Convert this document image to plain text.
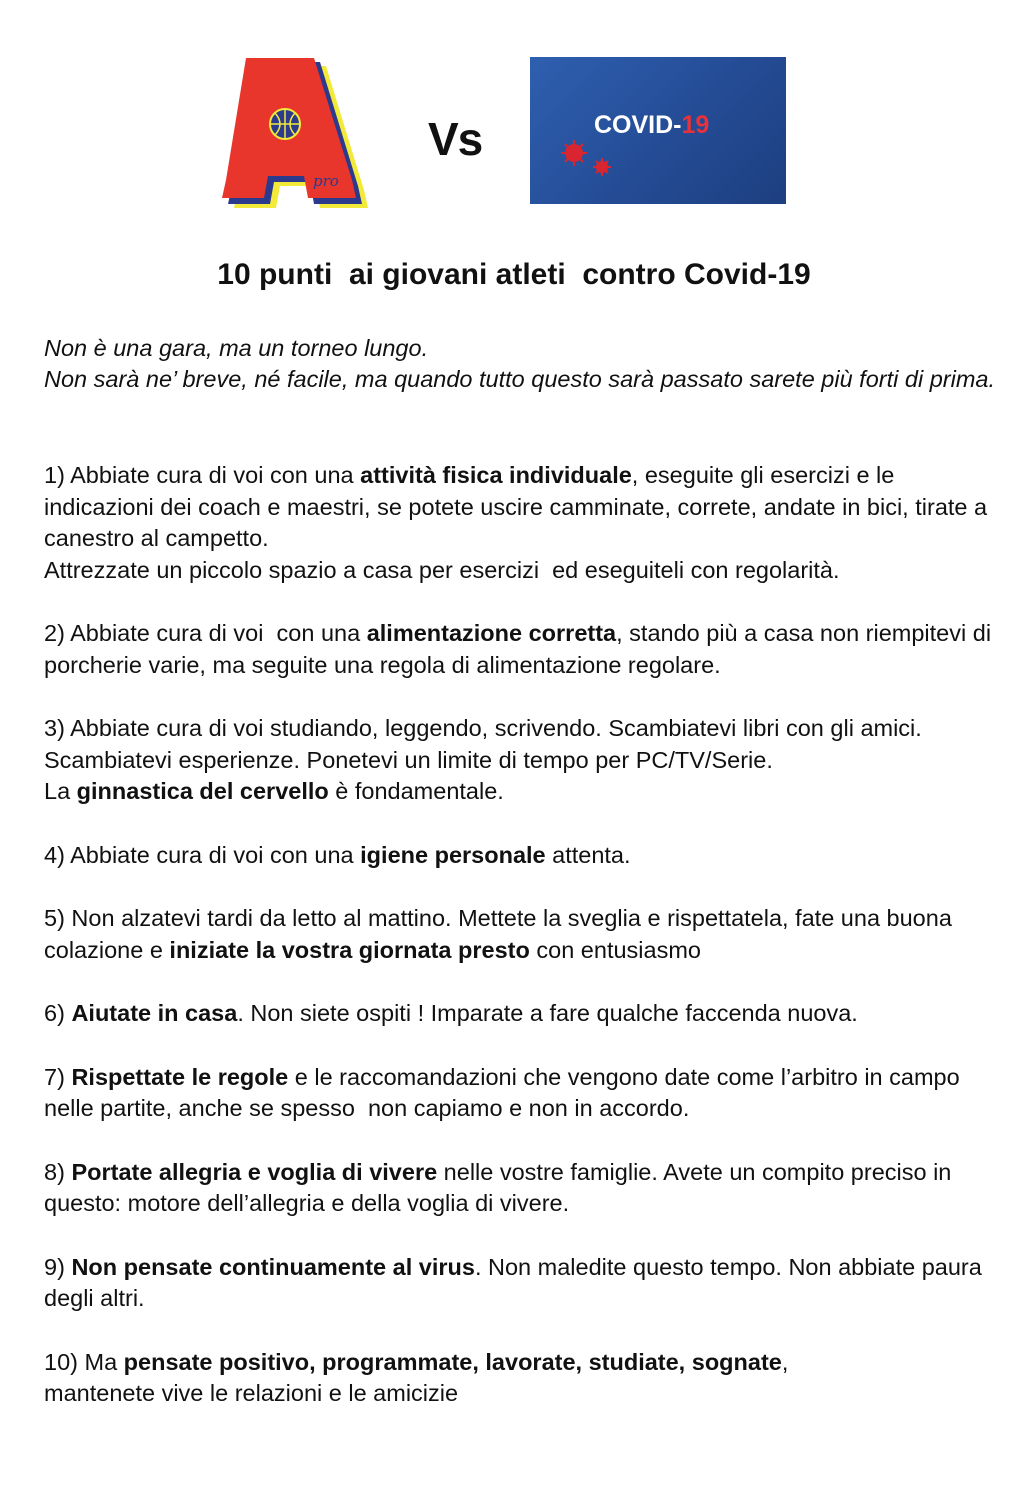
pro
Vs	COVID-19
10 punti  ai giovani atleti  contro Covid-19

Non è una gara, ma un torneo lungo.

Non sarà ne’ breve, né facile, ma quando tutto questo sarà passato sarete più forti di prima.

1) Abbiate cura di voi con una attività fisica individuale, eseguite gli esercizi e le indicazioni dei coach e maestri, se potete uscire camminate, correte, andate in bici, tirate a canestro al campetto.
Attrezzate un piccolo spazio a casa per esercizi  ed eseguiteli con regolarità.

2) Abbiate cura di voi  con una alimentazione corretta, stando più a casa non riempitevi di porcherie varie, ma seguite una regola di alimentazione regolare.

3) Abbiate cura di voi studiando, leggendo, scrivendo. Scambiatevi libri con gli amici. Scambiatevi esperienze. Ponetevi un limite di tempo per PC/TV/Serie.
La ginnastica del cervello è fondamentale.

4) Abbiate cura di voi con una igiene personale attenta.

5) Non alzatevi tardi da letto al mattino. Mettete la sveglia e rispettatela, fate una buona colazione e iniziate la vostra giornata presto con entusiasmo

6) Aiutate in casa. Non siete ospiti ! Imparate a fare qualche faccenda nuova.

7) Rispettate le regole e le raccomandazioni che vengono date come l’arbitro in campo nelle partite, anche se spesso  non capiamo e non in accordo.

8) Portate allegria e voglia di vivere nelle vostre famiglie. Avete un compito preciso in questo: motore dell’allegria e della voglia di vivere.

9) Non pensate continuamente al virus. Non maledite questo tempo. Non abbiate paura degli altri.

10) Ma pensate positivo, programmate, lavorate, studiate, sognate,
mantenete vive le relazioni e le amicizie
